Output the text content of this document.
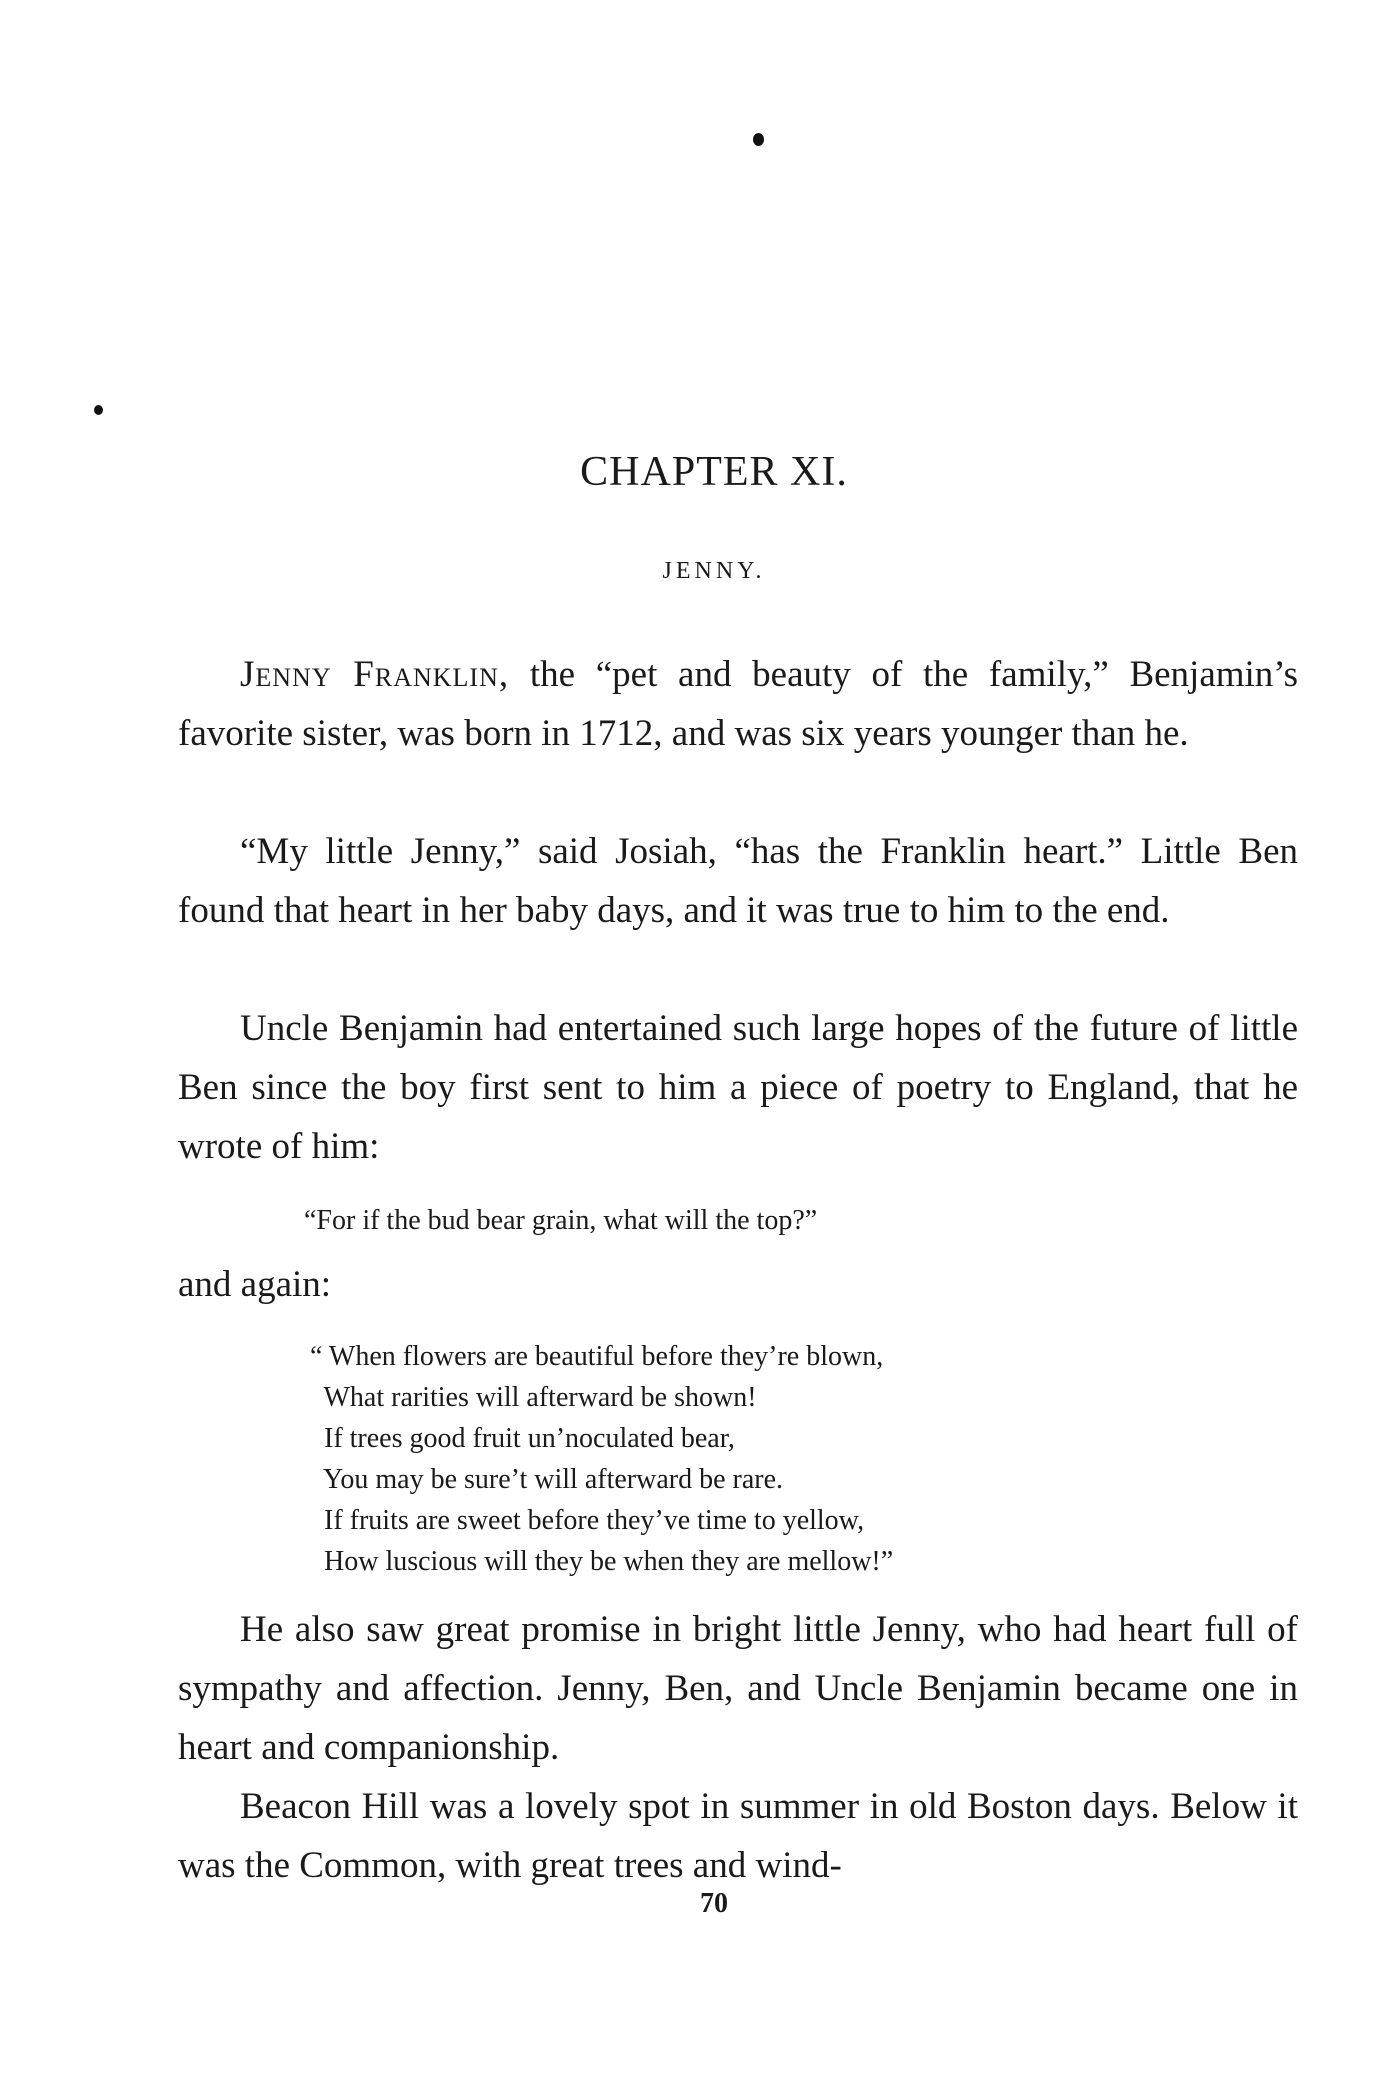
CHAPTER XI.
JENNY.

Jenny Franklin, the “pet and beauty of the family,” Benjamin’s favorite sister, was born in 1712, and was six years younger than he.

“My little Jenny,” said Josiah, “has the Franklin heart.” Little Ben found that heart in her baby days, and it was true to him to the end.

Uncle Benjamin had entertained such large hopes of the future of little Ben since the boy first sent to him a piece of poetry to England, that he wrote of him:

“For if the bud bear grain, what will the top?”

and again:

“ When flowers are beautiful before they’re blown,

What rarities will afterward be shown!

If trees good fruit un’noculated bear,

You may be sure’t will afterward be rare.

If fruits are sweet before they’ve time to yellow,

How luscious will they be when they are mellow!”

He also saw great promise in bright little Jenny, who had heart full of sympathy and affection. Jenny, Ben, and Uncle Benjamin became one in heart and companionship.

Beacon Hill was a lovely spot in summer in old Boston days. Below it was the Common, with great trees and wind-

70
